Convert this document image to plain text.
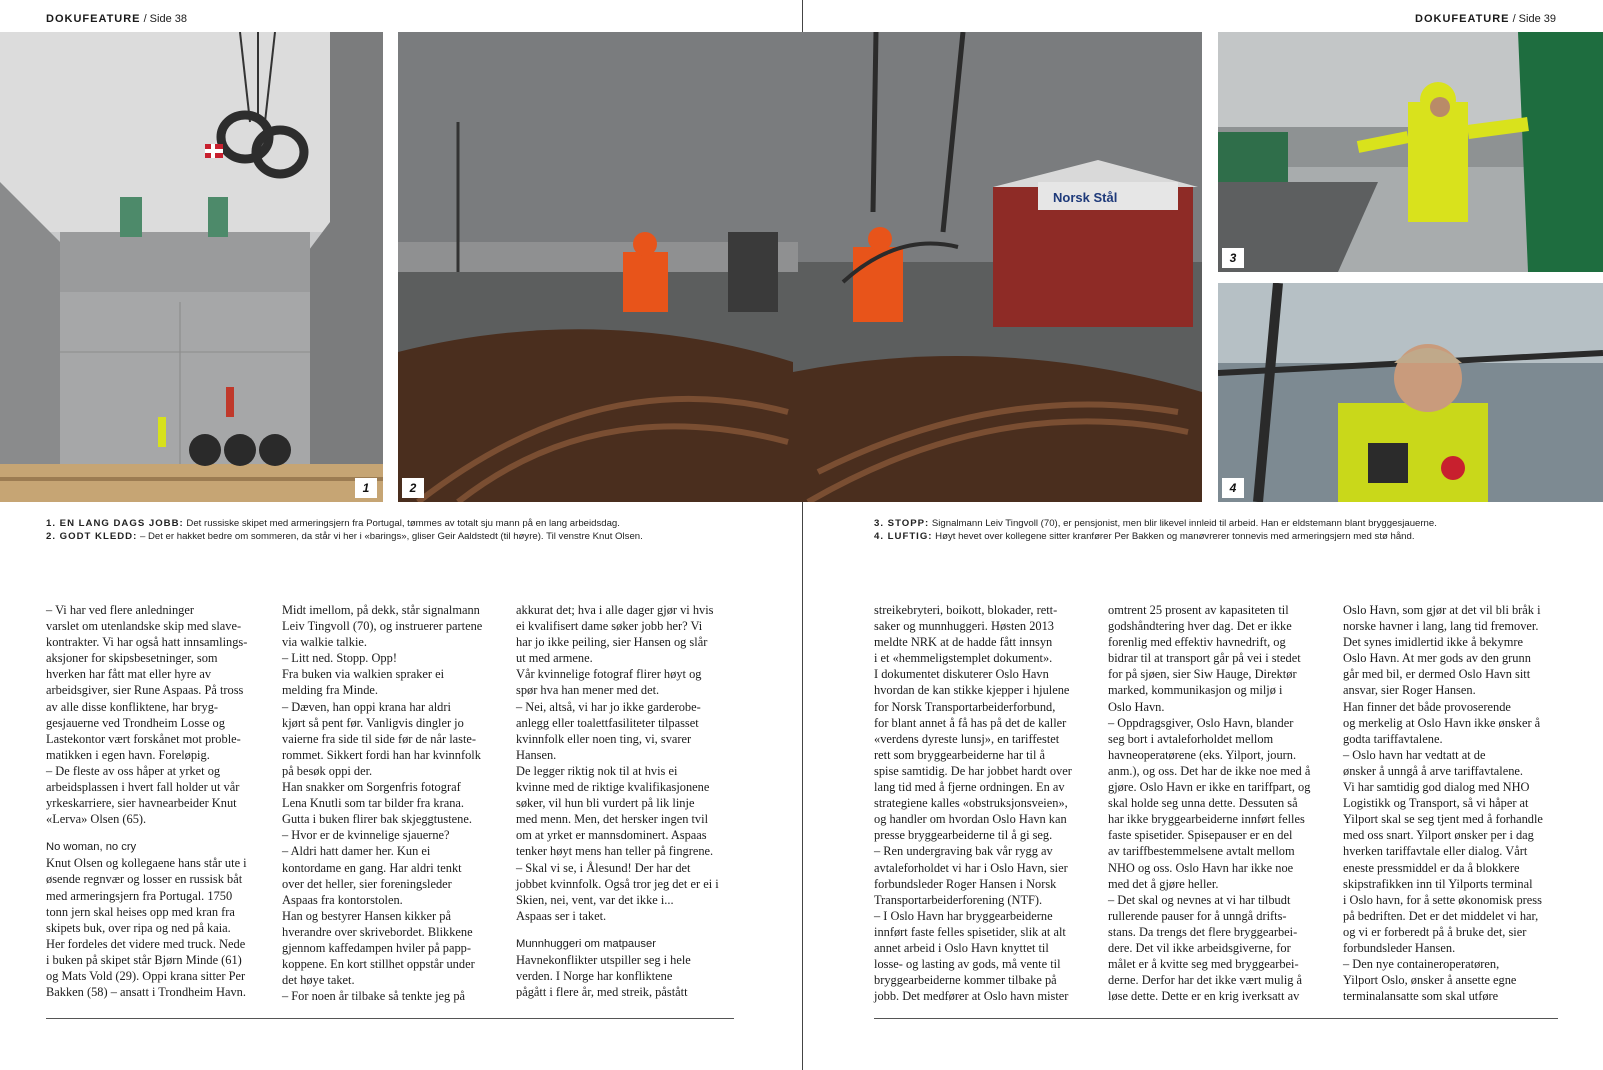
DOKUFEATURE / Side 38	DOKUFEATURE / Side 39
1
Norsk Stål
2
3
4
1. EN LANG DAGS JOBB: Det russiske skipet med armeringsjern fra Portugal, tømmes av totalt sju mann på en lang arbeidsdag.
2. GODT KLEDD: – Det er hakket bedre om sommeren, da står vi her i «barings», gliser Geir Aaldstedt (til høyre). Til venstre Knut Olsen.
3. STOPP: Signalmann Leiv Tingvoll (70), er pensjonist, men blir likevel innleid til arbeid. Han er eldstemann blant bryggesjauerne.
4. LUFTIG: Høyt hevet over kollegene sitter kranfører Per Bakken og manøvrerer tonnevis med armeringsjern med stø hånd.

– Vi har ved flere anledninger
varslet om utenlandske skip med slave-
kontrakter. Vi har også hatt innsamlings-
aksjoner for skipsbesetninger, som
hverken har fått mat eller hyre av
arbeidsgiver, sier Rune Aspaas. På tross
av alle disse konfliktene, har bryg-
gesjauerne ved Trondheim Losse og
Lastekontor vært forskånet mot proble-
matikken i egen havn. Foreløpig.
– De fleste av oss håper at yrket og
arbeidsplassen i hvert fall holder ut vår
yrkeskarriere, sier havnearbeider Knut
«Lerva» Olsen (65).

No woman, no cry

Knut Olsen og kollegaene hans står ute i
øsende regnvær og losser en russisk båt
med armeringsjern fra Portugal. 1750
tonn jern skal heises opp med kran fra
skipets buk, over ripa og ned på kaia.
Her fordeles det videre med truck. Nede
i buken på skipet står Bjørn Minde (61)
og Mats Vold (29). Oppi krana sitter Per
Bakken (58) – ansatt i Trondheim Havn.

Midt imellom, på dekk, står signalmann
Leiv Tingvoll (70), og instruerer partene
via walkie talkie.
– Litt ned. Stopp. Opp!
Fra buken via walkien spraker ei
melding fra Minde.
– Dæven, han oppi krana har aldri
kjørt så pent før. Vanligvis dingler jo
vaierne fra side til side før de når laste-
rommet. Sikkert fordi han har kvinnfolk
på besøk oppi der.
Han snakker om Sorgenfris fotograf
Lena Knutli som tar bilder fra krana.
Gutta i buken flirer bak skjeggtustene.
– Hvor er de kvinnelige sjauerne?
– Aldri hatt damer her. Kun ei
kontordame en gang. Har aldri tenkt
over det heller, sier foreningsleder
Aspaas fra kontorstolen.
Han og bestyrer Hansen kikker på
hverandre over skrivebordet. Blikkene
gjennom kaffedampen hviler på papp-
koppene. En kort stillhet oppstår under
det høye taket.
– For noen år tilbake så tenkte jeg på

akkurat det; hva i alle dager gjør vi hvis
ei kvalifisert dame søker jobb her? Vi
har jo ikke peiling, sier Hansen og slår
ut med armene.
Vår kvinnelige fotograf flirer høyt og
spør hva han mener med det.
– Nei, altså, vi har jo ikke garderobe-
anlegg eller toalettfasiliteter tilpasset
kvinnfolk eller noen ting, vi, svarer
Hansen.
De legger riktig nok til at hvis ei
kvinne med de riktige kvalifikasjonene
søker, vil hun bli vurdert på lik linje
med menn. Men, det hersker ingen tvil
om at yrket er mannsdominert. Aspaas
tenker høyt mens han teller på fingrene.
– Skal vi se, i Ålesund! Der har det
jobbet kvinnfolk. Også tror jeg det er ei i
Skien, nei, vent, var det ikke i...
Aspaas ser i taket.

Munnhuggeri om matpauser

Havnekonflikter utspiller seg i hele
verden. I Norge har konfliktene
pågått i flere år, med streik, påstått

streikebryteri, boikott, blokader, rett-
saker og munnhuggeri. Høsten 2013
meldte NRK at de hadde fått innsyn
i et «hemmeligstemplet dokument».
I dokumentet diskuterer Oslo Havn
hvordan de kan stikke kjepper i hjulene
for Norsk Transportarbeiderforbund,
for blant annet å få has på det de kaller
«verdens dyreste lunsj», en tariffestet
rett som bryggearbeiderne har til å
spise samtidig. De har jobbet hardt over
lang tid med å fjerne ordningen. En av
strategiene kalles «obstruksjonsveien»,
og handler om hvordan Oslo Havn kan
presse bryggearbeiderne til å gi seg.
– Ren undergraving bak vår rygg av
avtaleforholdet vi har i Oslo Havn, sier
forbundsleder Roger Hansen i Norsk
Transportarbeiderforening (NTF).
– I Oslo Havn har bryggearbeiderne
innført faste felles spisetider, slik at alt
annet arbeid i Oslo Havn knyttet til
losse- og lasting av gods, må vente til
bryggearbeiderne kommer tilbake på
jobb. Det medfører at Oslo havn mister

omtrent 25 prosent av kapasiteten til
godshåndtering hver dag. Det er ikke
forenlig med effektiv havnedrift, og
bidrar til at transport går på vei i stedet
for på sjøen, sier Siw Hauge, Direktør
marked, kommunikasjon og miljø i
Oslo Havn.
– Oppdragsgiver, Oslo Havn, blander
seg bort i avtaleforholdet mellom
havneoperatørene (eks. Yilport, journ.
anm.), og oss. Det har de ikke noe med å
gjøre. Oslo Havn er ikke en tariffpart, og
skal holde seg unna dette. Dessuten så
har ikke bryggearbeiderne innført felles
faste spisetider. Spisepauser er en del
av tariffbestemmelsene avtalt mellom
NHO og oss. Oslo Havn har ikke noe
med det å gjøre heller.
– Det skal og nevnes at vi har tilbudt
rullerende pauser for å unngå drifts-
stans. Da trengs det flere bryggearbei-
dere. Det vil ikke arbeidsgiverne, for
målet er å kvitte seg med bryggearbei-
derne. Derfor har det ikke vært mulig å
løse dette. Dette er en krig iverksatt av

Oslo Havn, som gjør at det vil bli bråk i
norske havner i lang, lang tid fremover.
Det synes imidlertid ikke å bekymre
Oslo Havn. At mer gods av den grunn
går med bil, er dermed Oslo Havn sitt
ansvar, sier Roger Hansen.
Han finner det både provoserende
og merkelig at Oslo Havn ikke ønsker å
godta tariffavtalene.
– Oslo havn har vedtatt at de
ønsker å unngå å arve tariffavtalene.
Vi har samtidig god dialog med NHO
Logistikk og Transport, så vi håper at
Yilport skal se seg tjent med å forhandle
med oss snart. Yilport ønsker per i dag
hverken tariffavtale eller dialog. Vårt
eneste pressmiddel er da å blokkere
skipstrafikken inn til Yilports terminal
i Oslo havn, for å sette økonomisk press
på bedriften. Det er det middelet vi har,
og vi er forberedt på å bruke det, sier
forbundsleder Hansen.
– Den nye containeroperatøren,
Yilport Oslo, ønsker å ansette egne
terminalansatte som skal utføre
